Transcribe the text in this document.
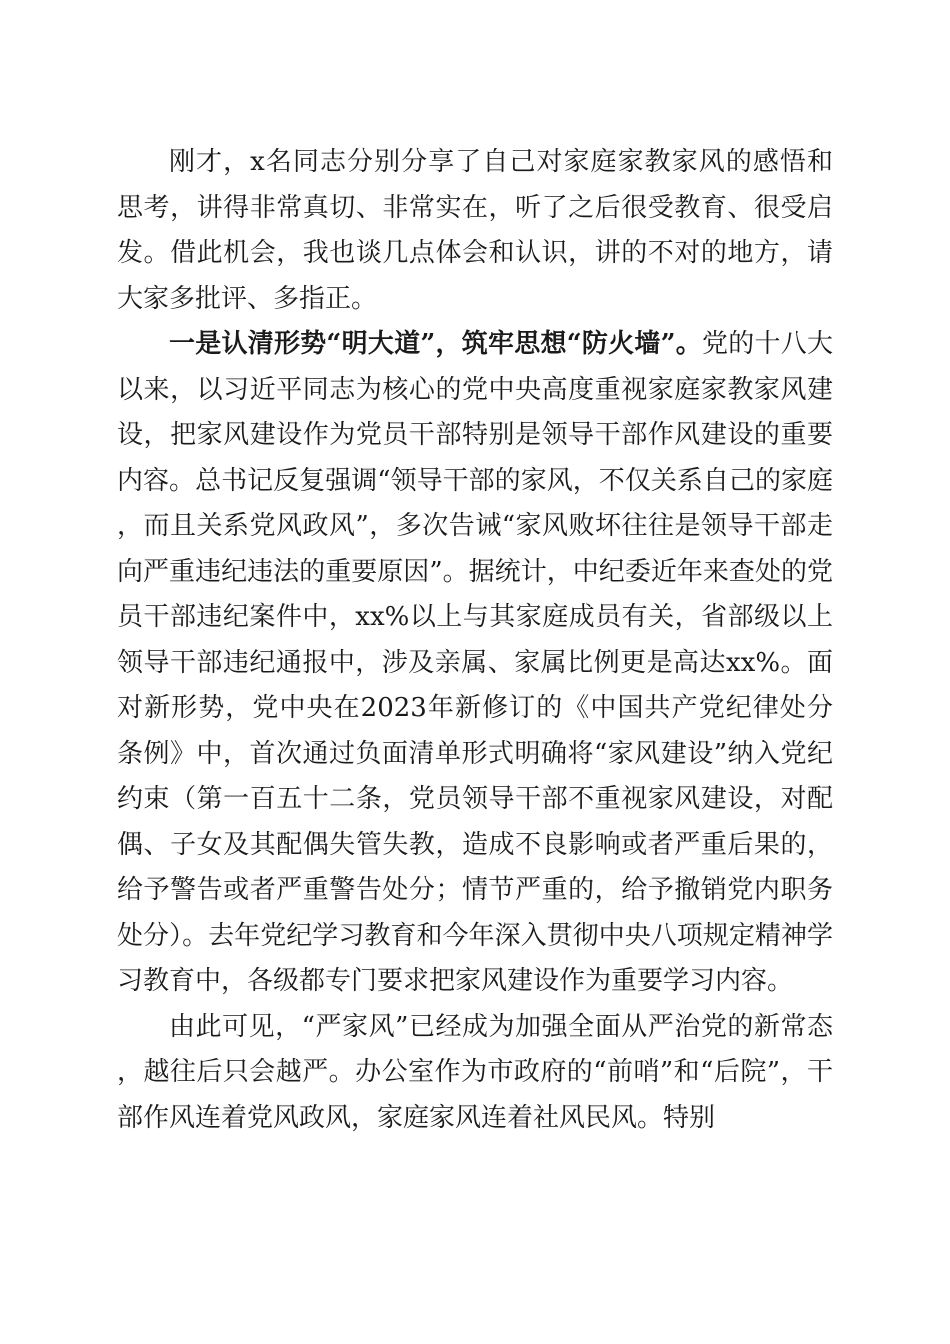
刚才，x名同志分别分享了自己对家庭家教家风的感悟和思考，讲得非常真切、非常实在，听了之后很受教育、很受启发。借此机会，我也谈几点体会和认识，讲的不对的地方，请大家多批评、多指正。

一是认清形势“明大道”，筑牢思想“防火墙”。党的十八大以来，以习近平同志为核心的党中央高度重视家庭家教家风建设，把家风建设作为党员干部特别是领导干部作风建设的重要内容。总书记反复强调“领导干部的家风，不仅关系自己的家庭，而且关系党风政风”，多次告诫“家风败坏往往是领导干部走向严重违纪违法的重要原因”。据统计，中纪委近年来查处的党员干部违纪案件中，xx%以上与其家庭成员有关，省部级以上领导干部违纪通报中，涉及亲属、家属比例更是高达xx%。面对新形势，党中央在2023年新修订的《中国共产党纪律处分条例》中，首次通过负面清单形式明确将“家风建设”纳入党纪约束（第一百五十二条，党员领导干部不重视家风建设，对配偶、子女及其配偶失管失教，造成不良影响或者严重后果的，给予警告或者严重警告处分；情节严重的，给予撤销党内职务处分）。去年党纪学习教育和今年深入贯彻中央八项规定精神学习教育中，各级都专门要求把家风建设作为重要学习内容。

由此可见，“严家风”已经成为加强全面从严治党的新常态，越往后只会越严。办公室作为市政府的“前哨”和“后院”，干部作风连着党风政风，家庭家风连着社风民风。特别
